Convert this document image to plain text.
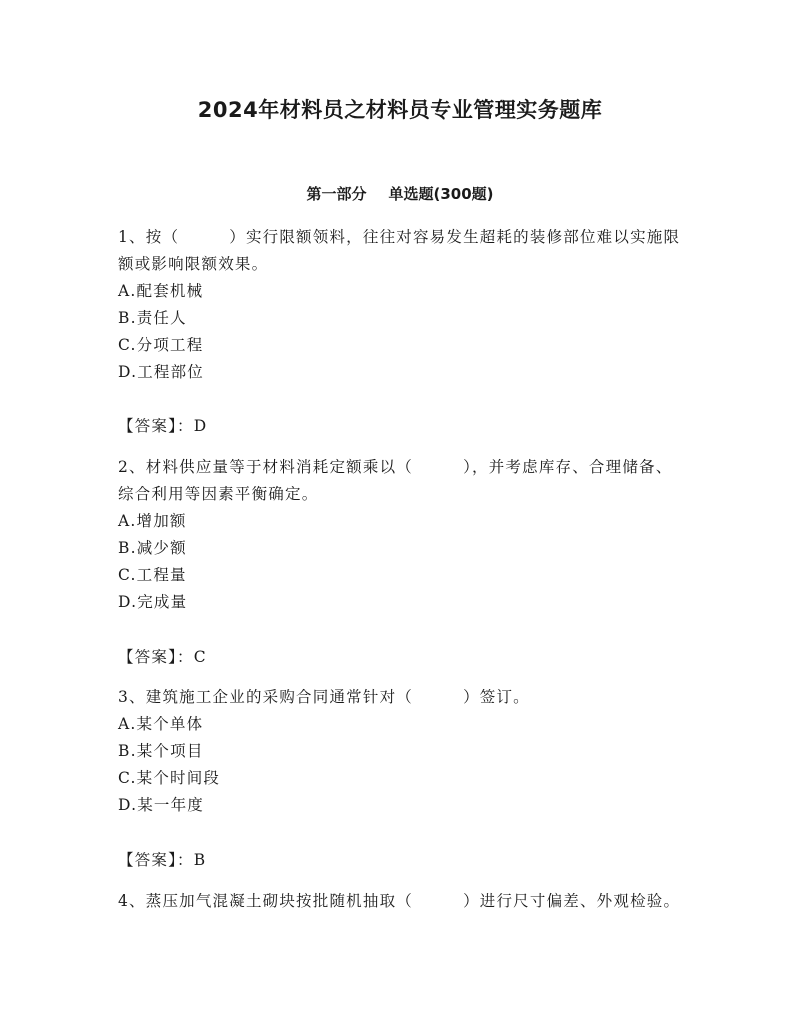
2024年材料员之材料员专业管理实务题库
第一部分 单选题(300题)

1、按（　　　）实行限额领料，往往对容易发生超耗的装修部位难以实施限额或影响限额效果。

A.配套机械

B.责任人

C.分项工程

D.工程部位

【答案】：D

2、材料供应量等于材料消耗定额乘以（　　　），并考虑库存、合理储备、综合利用等因素平衡确定。

A.增加额

B.减少额

C.工程量

D.完成量

【答案】：C

3、建筑施工企业的采购合同通常针对（　　　）签订。

A.某个单体

B.某个项目

C.某个时间段

D.某一年度

【答案】：B

4、蒸压加气混凝土砌块按批随机抽取（　　　）进行尺寸偏差、外观检验。
